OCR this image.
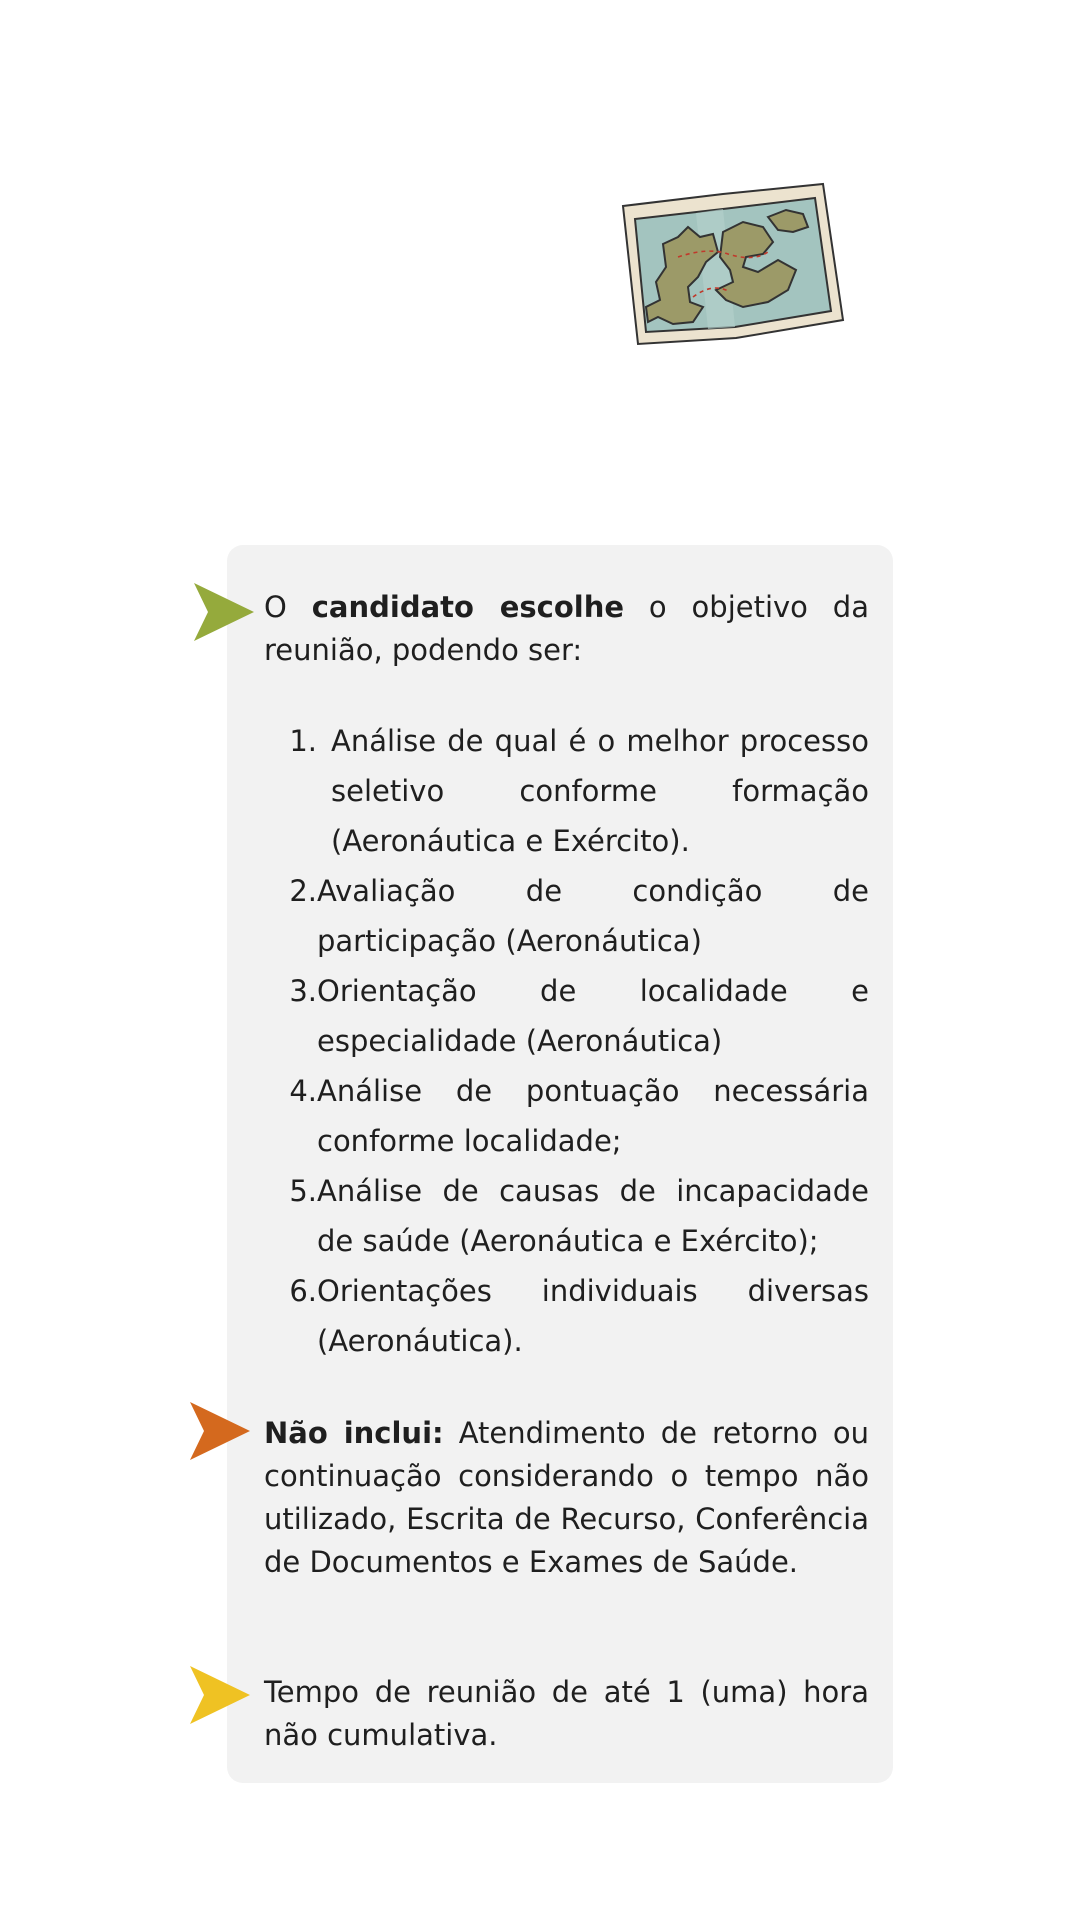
O candidato escolhe o objetivo da reunião, podendo ser:
1. Análise de qual é o melhor processo seletivo conforme formação (Aeronáutica e Exército).
2. Avaliação de condição de participação (Aeronáutica)
3. Orientação de localidade e especialidade (Aeronáutica)
4. Análise de pontuação necessária conforme localidade;
5. Análise de causas de incapacidade de saúde (Aeronáutica e Exército);
6. Orientações individuais diversas (Aeronáutica).
Não inclui: Atendimento de retorno ou continuação considerando o tempo não utilizado, Escrita de Recurso, Conferência de Documentos e Exames de Saúde.
Tempo de reunião de até 1 (uma) hora não cumulativa.
